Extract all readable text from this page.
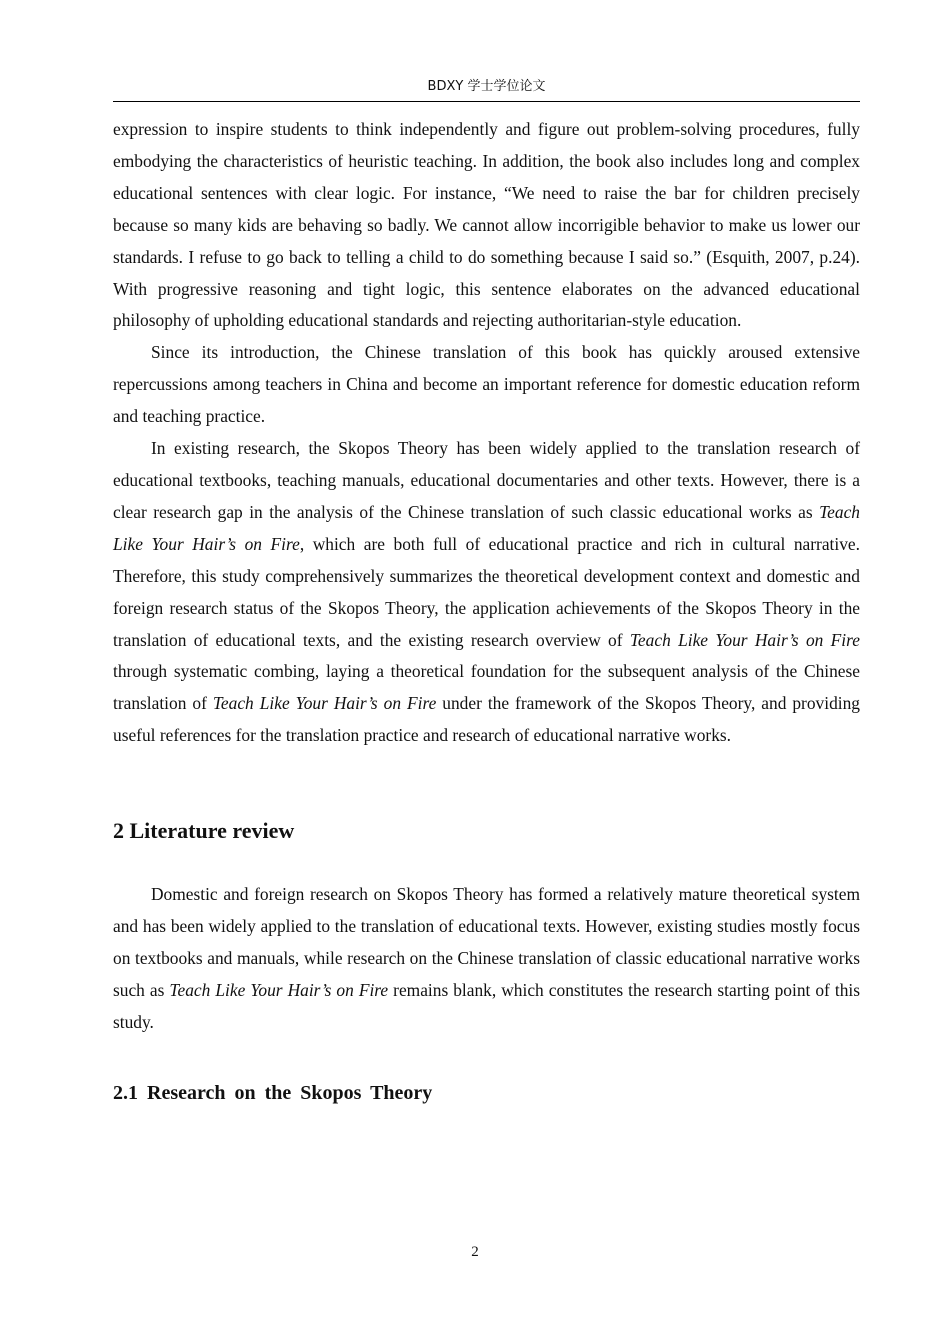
BDXY 学士学位论文

expression to inspire students to think independently and figure out problem-solving procedures, fully embodying the characteristics of heuristic teaching. In addition, the book also includes long and complex educational sentences with clear logic. For instance, “We need to raise the bar for children precisely because so many kids are behaving so badly. We cannot allow incorrigible behavior to make us lower our standards. I refuse to go back to telling a child to do something because I said so.” (Esquith, 2007, p.24). With progressive reasoning and tight logic, this sentence elaborates on the advanced educational philosophy of upholding educational standards and rejecting authoritarian-style education.

Since its introduction, the Chinese translation of this book has quickly aroused extensive repercussions among teachers in China and become an important reference for domestic education reform and teaching practice.

In existing research, the Skopos Theory has been widely applied to the translation research of educational textbooks, teaching manuals, educational documentaries and other texts. However, there is a clear research gap in the analysis of the Chinese translation of such classic educational works as Teach Like Your Hair’s on Fire, which are both full of educational practice and rich in cultural narrative. Therefore, this study comprehensively summarizes the theoretical development context and domestic and foreign research status of the Skopos Theory, the application achievements of the Skopos Theory in the translation of educational texts, and the existing research overview of Teach Like Your Hair’s on Fire through systematic combing, laying a theoretical foundation for the subsequent analysis of the Chinese translation of Teach Like Your Hair’s on Fire under the framework of the Skopos Theory, and providing useful references for the translation practice and research of educational narrative works.

2 Literature review

Domestic and foreign research on Skopos Theory has formed a relatively mature theoretical system and has been widely applied to the translation of educational texts. However, existing studies mostly focus on textbooks and manuals, while research on the Chinese translation of classic educational narrative works such as Teach Like Your Hair’s on Fire remains blank, which constitutes the research starting point of this study.

2.1 Research on the Skopos Theory
2
